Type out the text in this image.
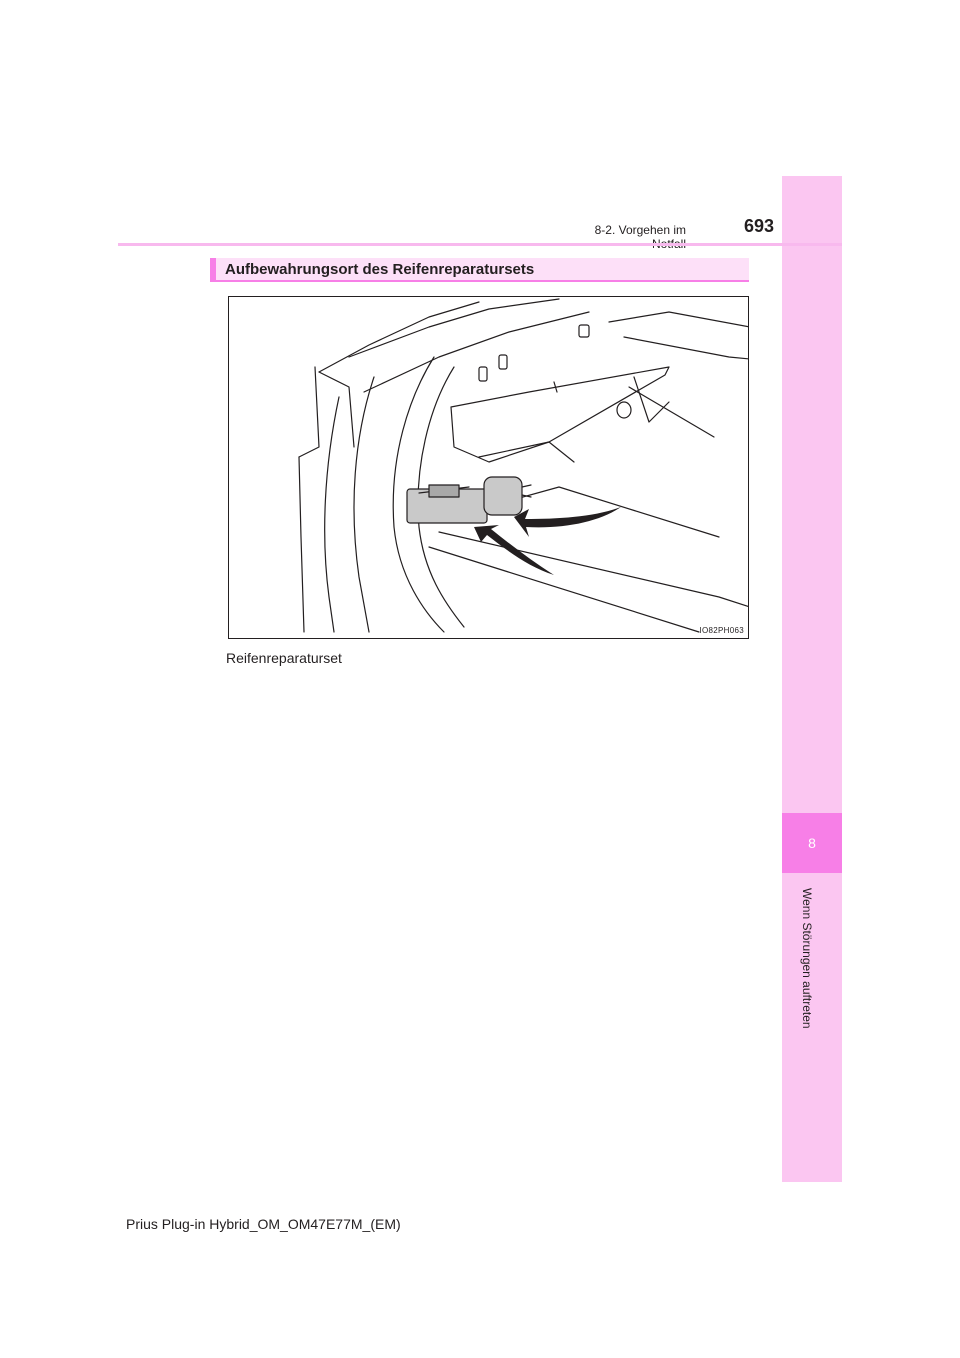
8
Wenn Störungen auftreten
8-2. Vorgehen im	693
Aufbewahrungsort des Reifenreparatursets
IO82PH063
Reifenreparaturset
Prius Plug-in Hybrid_OM_OM47E77M_(EM)
